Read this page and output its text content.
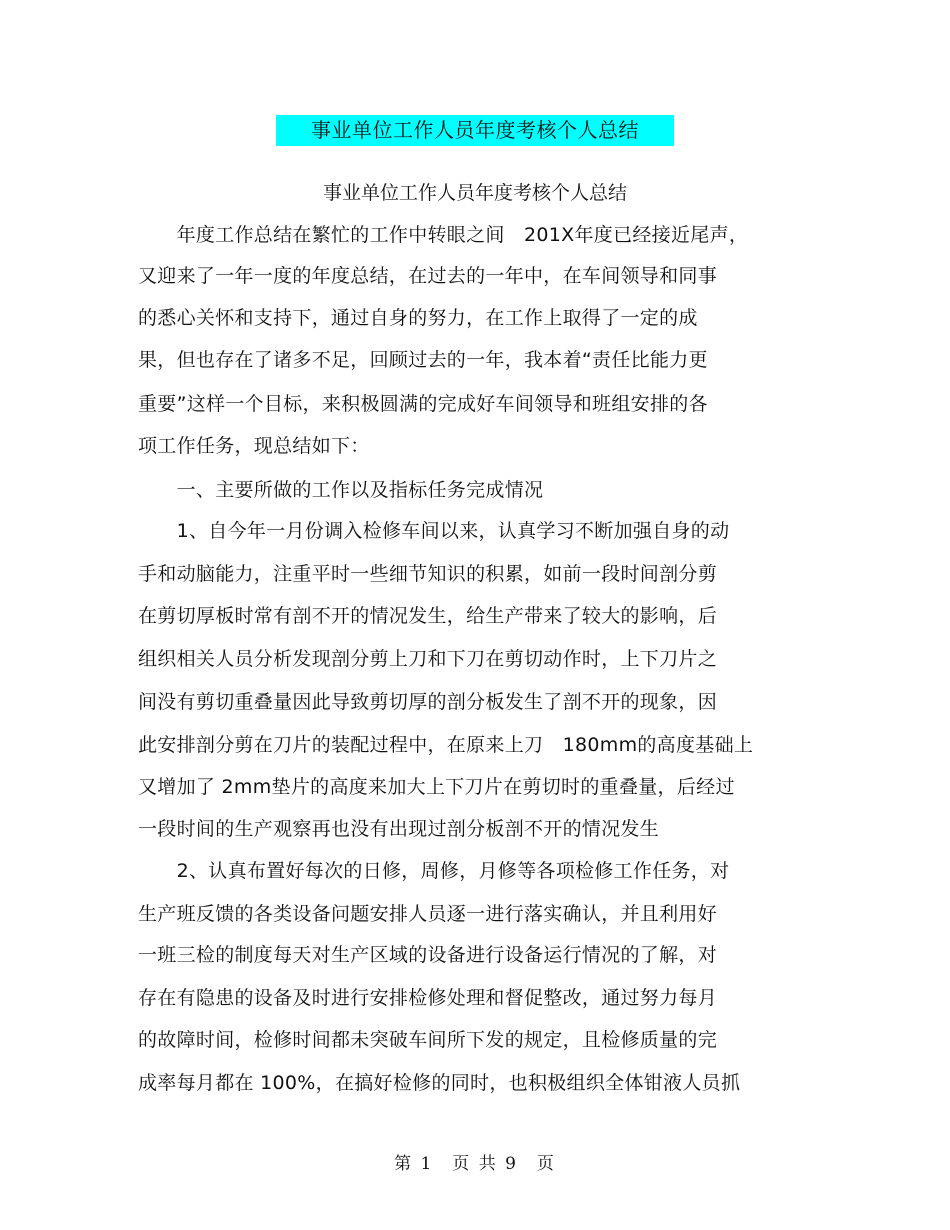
事业单位工作人员年度考核个人总结
事业单位工作人员年度考核个人总结
　　年度工作总结在繁忙的工作中转眼之间　201X年度已经接近尾声，
又迎来了一年一度的年度总结，在过去的一年中，在车间领导和同事
的悉心关怀和支持下，通过自身的努力，在工作上取得了一定的成
果，但也存在了诸多不足，回顾过去的一年，我本着“责任比能力更
重要”这样一个目标，来积极圆满的完成好车间领导和班组安排的各
项工作任务，现总结如下：
　　一、主要所做的工作以及指标任务完成情况
　　1、自今年一月份调入检修车间以来，认真学习不断加强自身的动
手和动脑能力，注重平时一些细节知识的积累，如前一段时间剖分剪
在剪切厚板时常有剖不开的情况发生，给生产带来了较大的影响，后
组织相关人员分析发现剖分剪上刀和下刀在剪切动作时，上下刀片之
间没有剪切重叠量因此导致剪切厚的剖分板发生了剖不开的现象，因
此安排剖分剪在刀片的装配过程中，在原来上刀　180mm的高度基础上
又增加了 2mm垫片的高度来加大上下刀片在剪切时的重叠量，后经过
一段时间的生产观察再也没有出现过剖分板剖不开的情况发生
　　2、认真布置好每次的日修，周修，月修等各项检修工作任务，对
生产班反馈的各类设备问题安排人员逐一进行落实确认，并且利用好
一班三检的制度每天对生产区域的设备进行设备运行情况的了解，对
存在有隐患的设备及时进行安排检修处理和督促整改，通过努力每月
的故障时间，检修时间都未突破车间所下发的规定，且检修质量的完
成率每月都在 100%，在搞好检修的同时，也积极组织全体钳液人员抓
第 1　页 共 9　页
